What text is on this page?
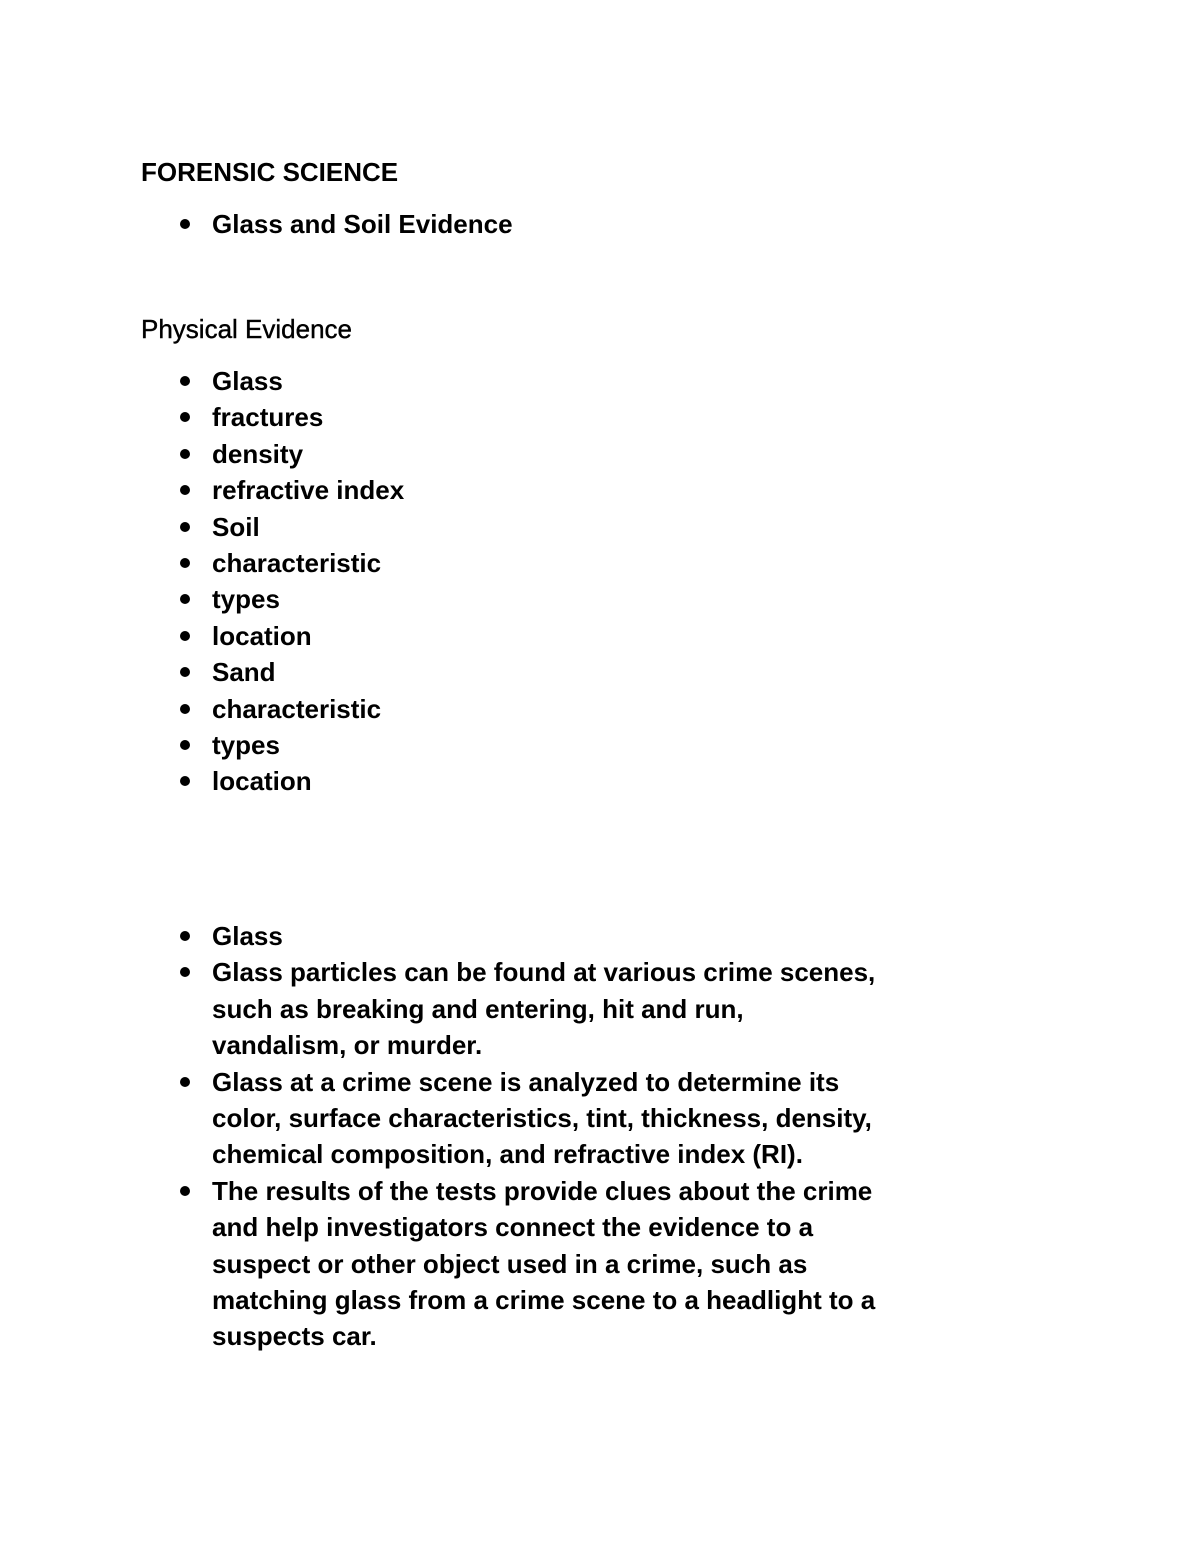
FORENSIC SCIENCE
Glass and Soil Evidence
Physical Evidence
Glass
fractures
density
refractive index
Soil
characteristic
types
location
Sand
characteristic
types
location
Glass
Glass particles can be found at various crime scenes, such as breaking and entering, hit and run, vandalism, or murder.
Glass at a crime scene is analyzed to determine its color, surface characteristics, tint, thickness, density, chemical composition, and refractive index (RI).
The results of the tests provide clues about the crime and help investigators connect the evidence to a suspect or other object used in a crime, such as matching glass from a crime scene to a headlight to a suspects car.
